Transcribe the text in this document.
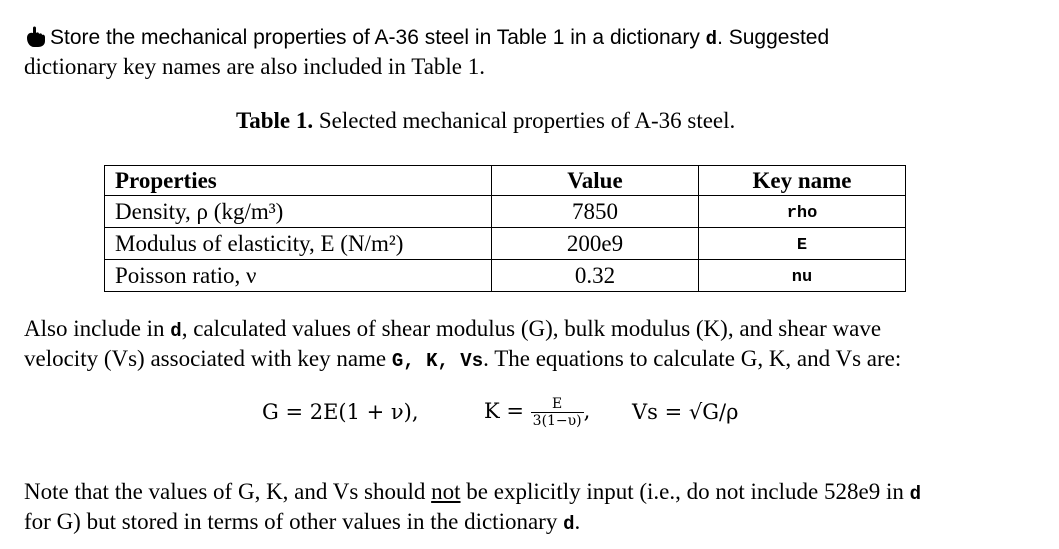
Store the mechanical properties of A-36 steel in Table 1 in a dictionary d. Suggested
dictionary key names are also included in Table 1.
Table 1. Selected mechanical properties of A-36 steel.
Properties	Value	Key name
Density, ρ (kg/m³)	7850	rho
Modulus of elasticity, E (N/m²)	200e9	E
Poisson ratio, ν	0.32	nu
Also include in d, calculated values of shear modulus (G), bulk modulus (K), and shear wave
velocity (Vs) associated with key name G, K, Vs. The equations to calculate G, K, and Vs are:
G = 2E(1 + ν),	$K = \frac{E}{3(1-\upsilon)}$ , Vs = √G/ρ
Note that the values of G, K, and Vs should not be explicitly input (i.e., do not include 528e9 in d
for G) but stored in terms of other values in the dictionary d.
